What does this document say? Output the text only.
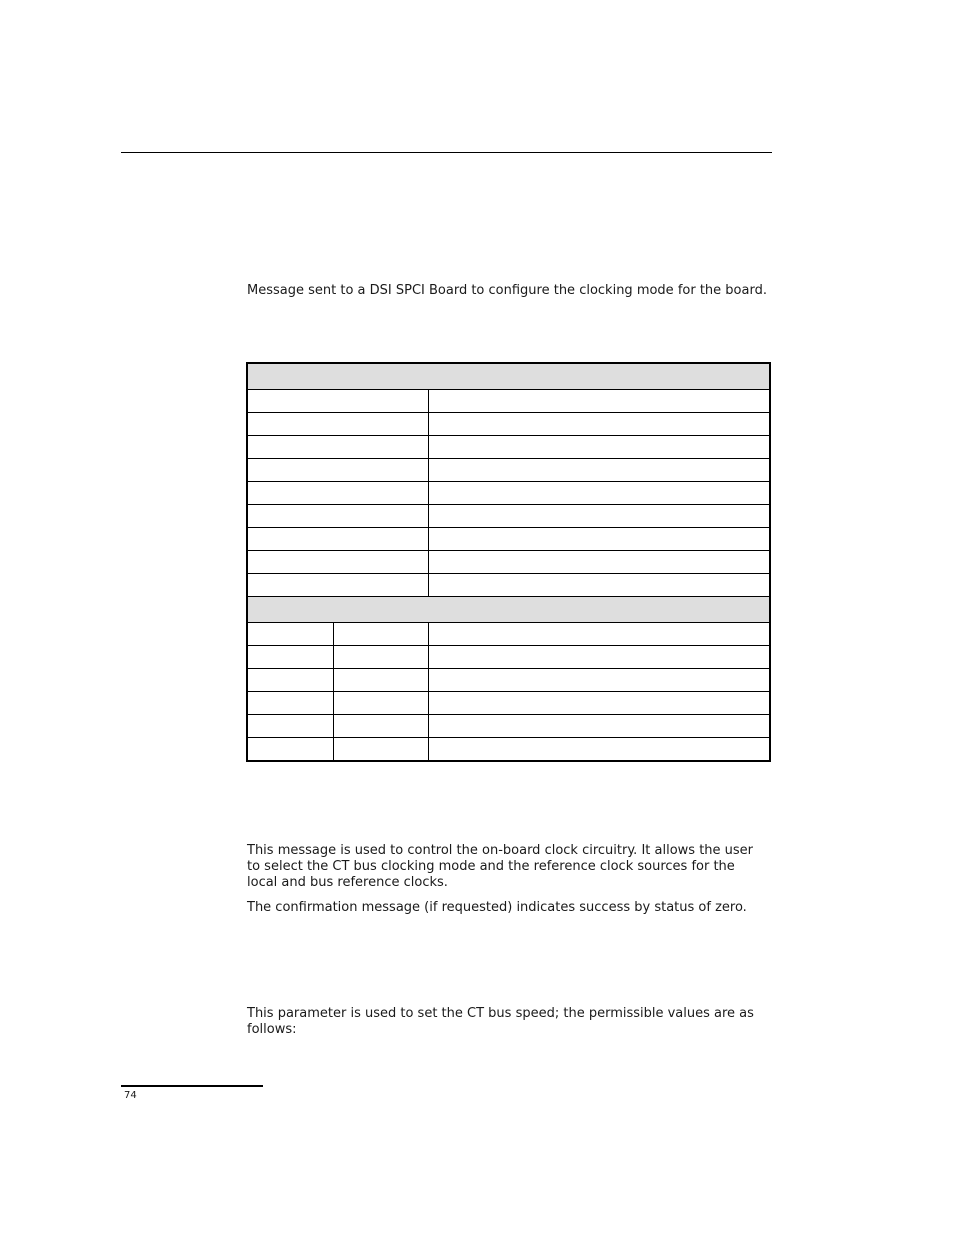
Message sent to a DSI SPCI Board to configure the clocking mode for the board.

This message is used to control the on-board clock circuitry. It allows the user to select the CT bus clocking mode and the reference clock sources for the local and bus reference clocks.

The confirmation message (if requested) indicates success by status of zero.

This parameter is used to set the CT bus speed; the permissible values are as follows:

74
